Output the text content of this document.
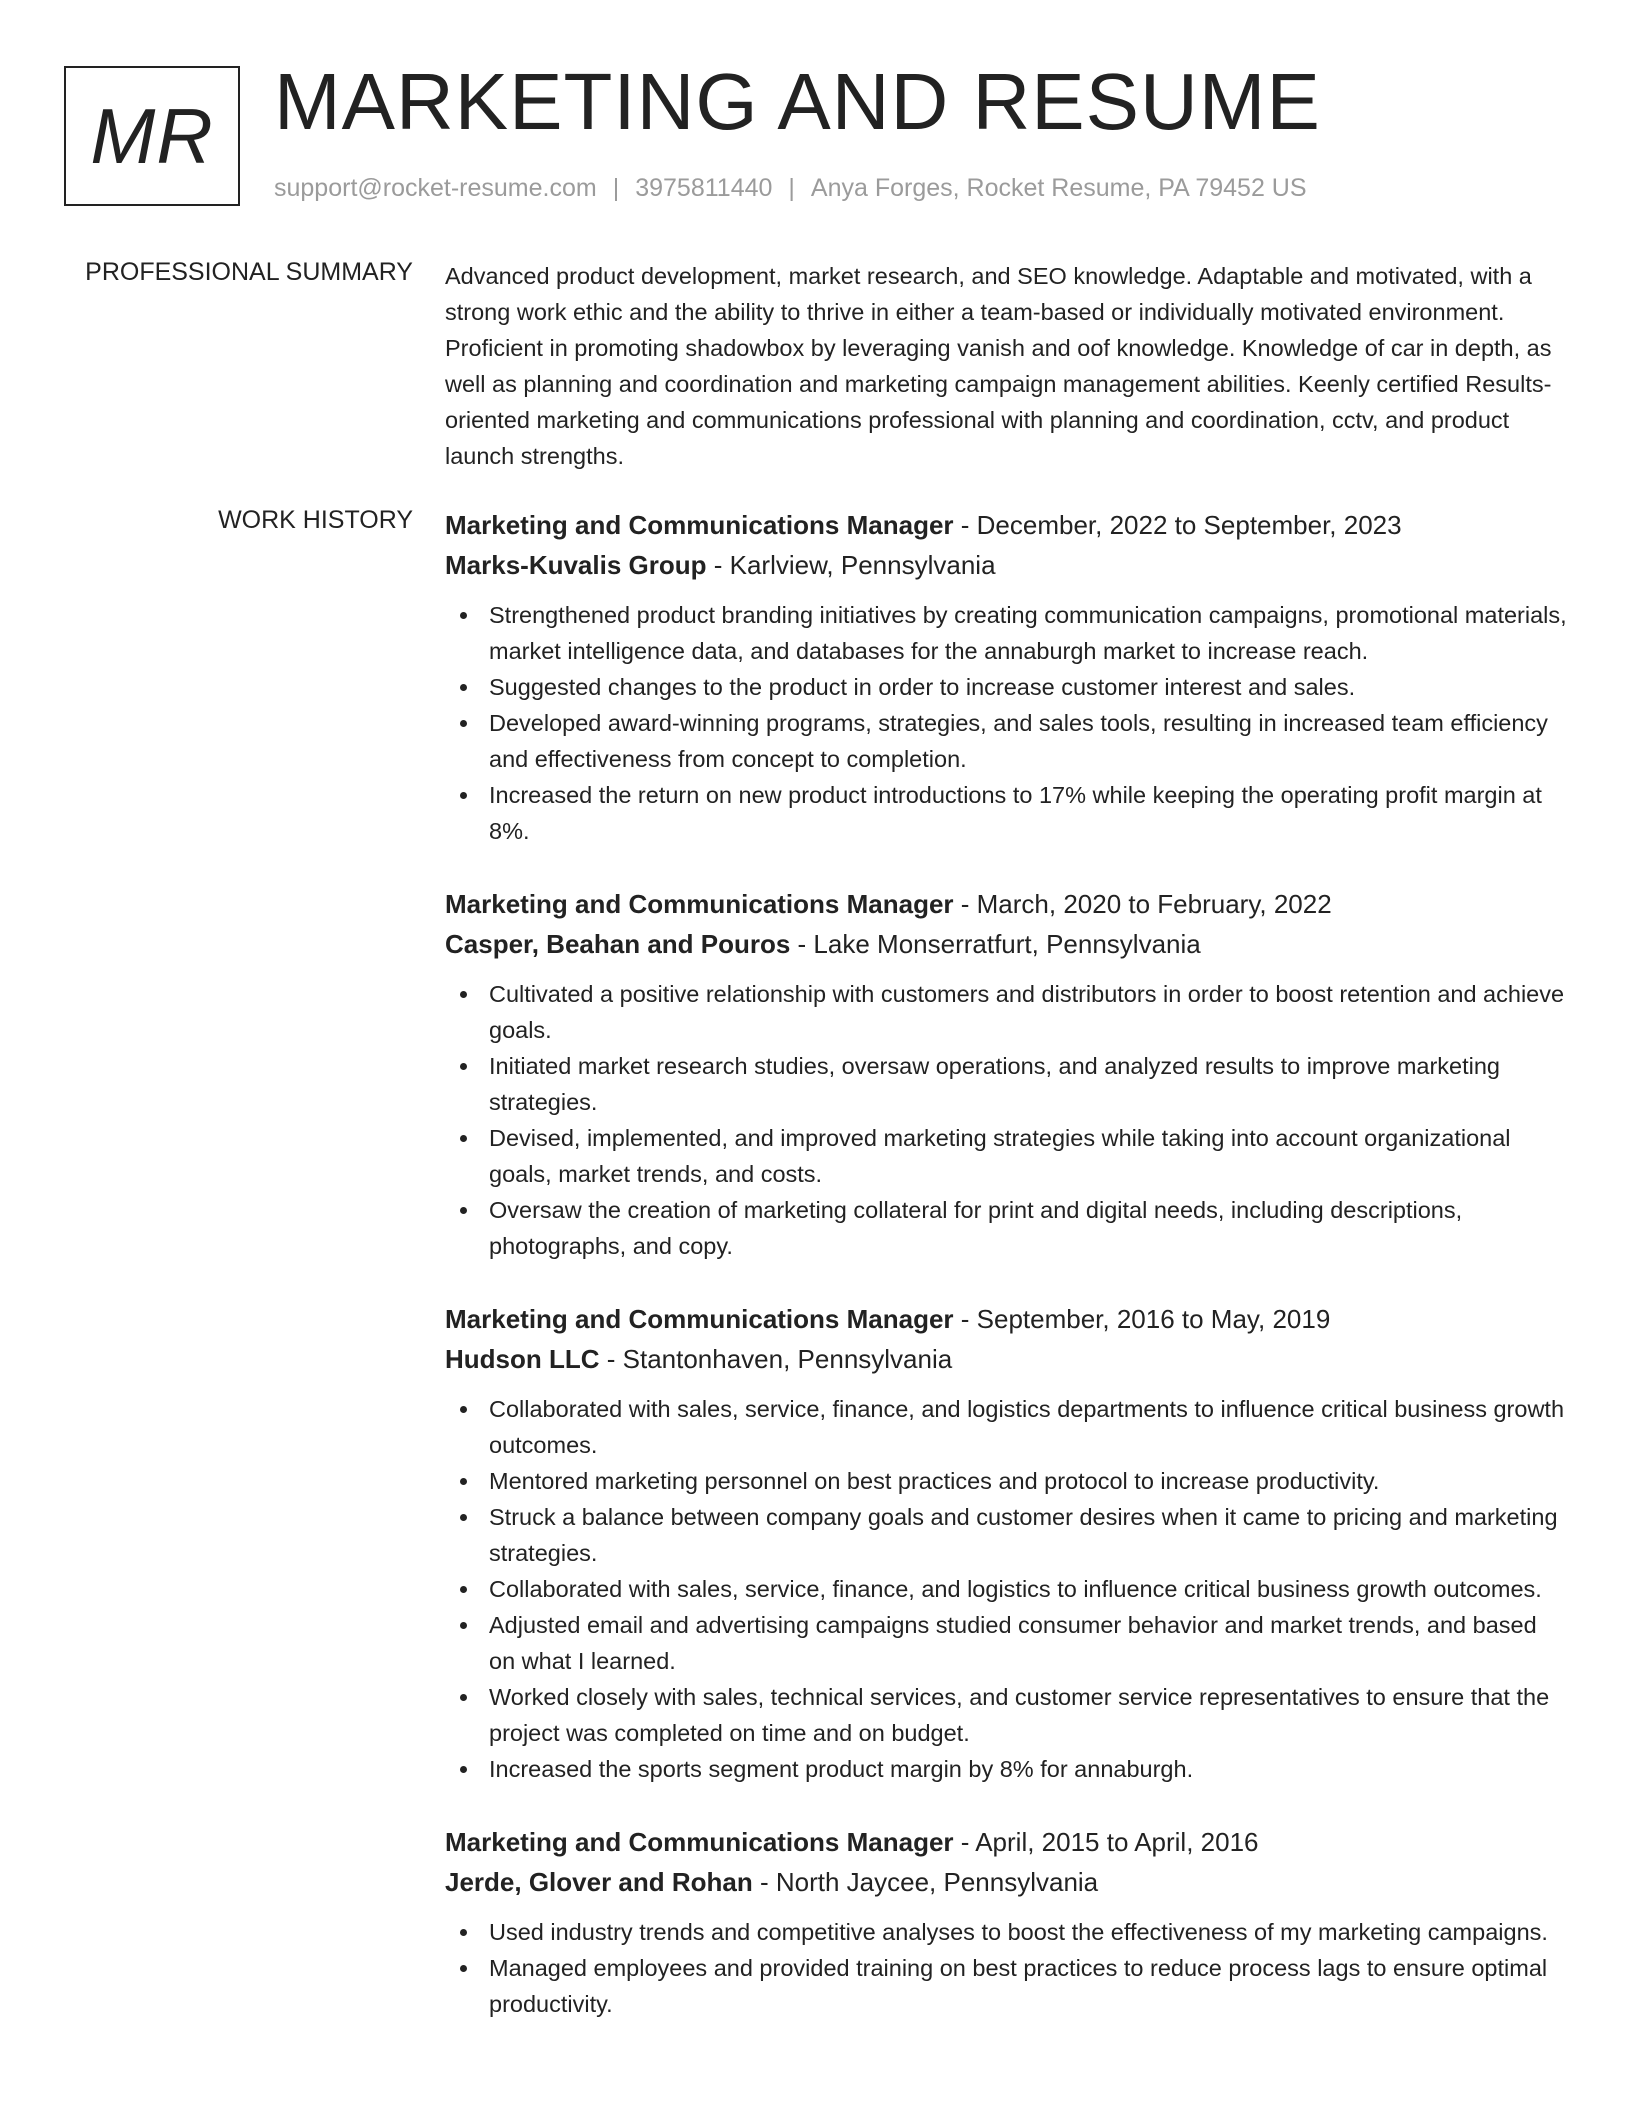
MR MARKETING AND RESUME
support@rocket-resume.com | 3975811440 | Anya Forges, Rocket Resume, PA 79452 US
PROFESSIONAL SUMMARY Advanced product development, market research, and SEO knowledge. Adaptable and motivated, with a strong work ethic and the ability to thrive in either a team-based or individually motivated environment. Proficient in promoting shadowbox by leveraging vanish and oof knowledge. Knowledge of car in depth, as well as planning and coordination and marketing campaign management abilities. Keenly certified Results-oriented marketing and communications professional with planning and coordination, cctv, and product launch strengths.

WORK HISTORY Marketing and Communications Manager - December, 2022 to September, 2023
Marks-Kuvalis Group - Karlview, Pennsylvania
Strengthened product branding initiatives by creating communication campaigns, promotional materials, market intelligence data, and databases for the annaburgh market to increase reach.
Suggested changes to the product in order to increase customer interest and sales.
Developed award-winning programs, strategies, and sales tools, resulting in increased team efficiency and effectiveness from concept to completion.
Increased the return on new product introductions to 17% while keeping the operating profit margin at 8%.
Marketing and Communications Manager - March, 2020 to February, 2022
Casper, Beahan and Pouros - Lake Monserratfurt, Pennsylvania
Cultivated a positive relationship with customers and distributors in order to boost retention and achieve goals.
Initiated market research studies, oversaw operations, and analyzed results to improve marketing strategies.
Devised, implemented, and improved marketing strategies while taking into account organizational goals, market trends, and costs.
Oversaw the creation of marketing collateral for print and digital needs, including descriptions, photographs, and copy.
Marketing and Communications Manager - September, 2016 to May, 2019
Hudson LLC - Stantonhaven, Pennsylvania
Collaborated with sales, service, finance, and logistics departments to influence critical business growth outcomes.
Mentored marketing personnel on best practices and protocol to increase productivity.
Struck a balance between company goals and customer desires when it came to pricing and marketing strategies.
Collaborated with sales, service, finance, and logistics to influence critical business growth outcomes.
Adjusted email and advertising campaigns studied consumer behavior and market trends, and based on what I learned.
Worked closely with sales, technical services, and customer service representatives to ensure that the project was completed on time and on budget.
Increased the sports segment product margin by 8% for annaburgh.
Marketing and Communications Manager - April, 2015 to April, 2016
Jerde, Glover and Rohan - North Jaycee, Pennsylvania
Used industry trends and competitive analyses to boost the effectiveness of my marketing campaigns.
Managed employees and provided training on best practices to reduce process lags to ensure optimal productivity.
